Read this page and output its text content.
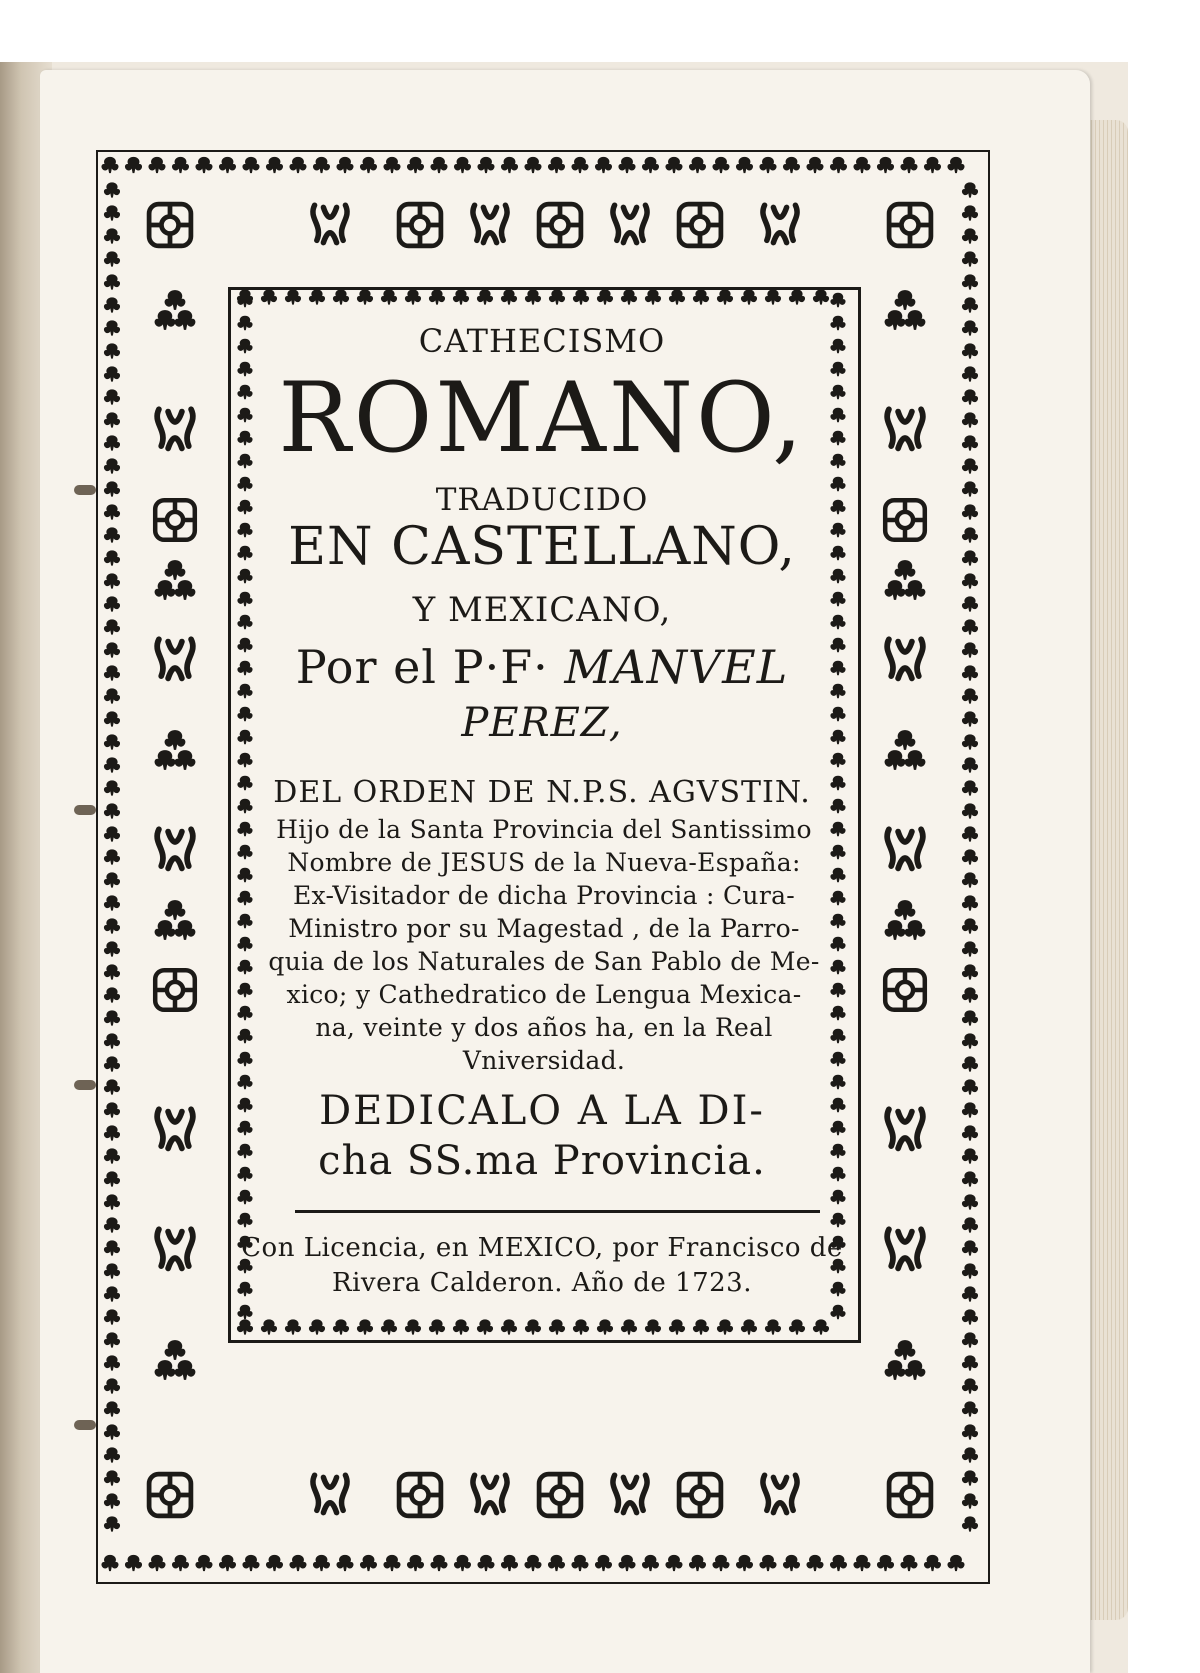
CATHECISMO
ROMANO,
TRADUCIDO
EN CASTELLANO,
Y MEXICANO,
Por el P·F· MANVEL
PEREZ,
DEL ORDEN DE N.P.S. AGVSTIN.
Hijo de la Santa Provincia del Santissimo
Nombre de JESUS de la Nueva-España:
Ex-Visitador de dicha Provincia : Cura-
Ministro por su Magestad , de la Parro-
quia de los Naturales de San Pablo de Me-
xico; y Cathedratico de Lengua Mexica-
na, veinte y dos años ha, en la Real
Vniversidad.
DEDICALO A LA DI-
cha SS.ma Provincia.
Con Licencia, en MEXICO, por Francisco de
Rivera Calderon. Año de 1723.
